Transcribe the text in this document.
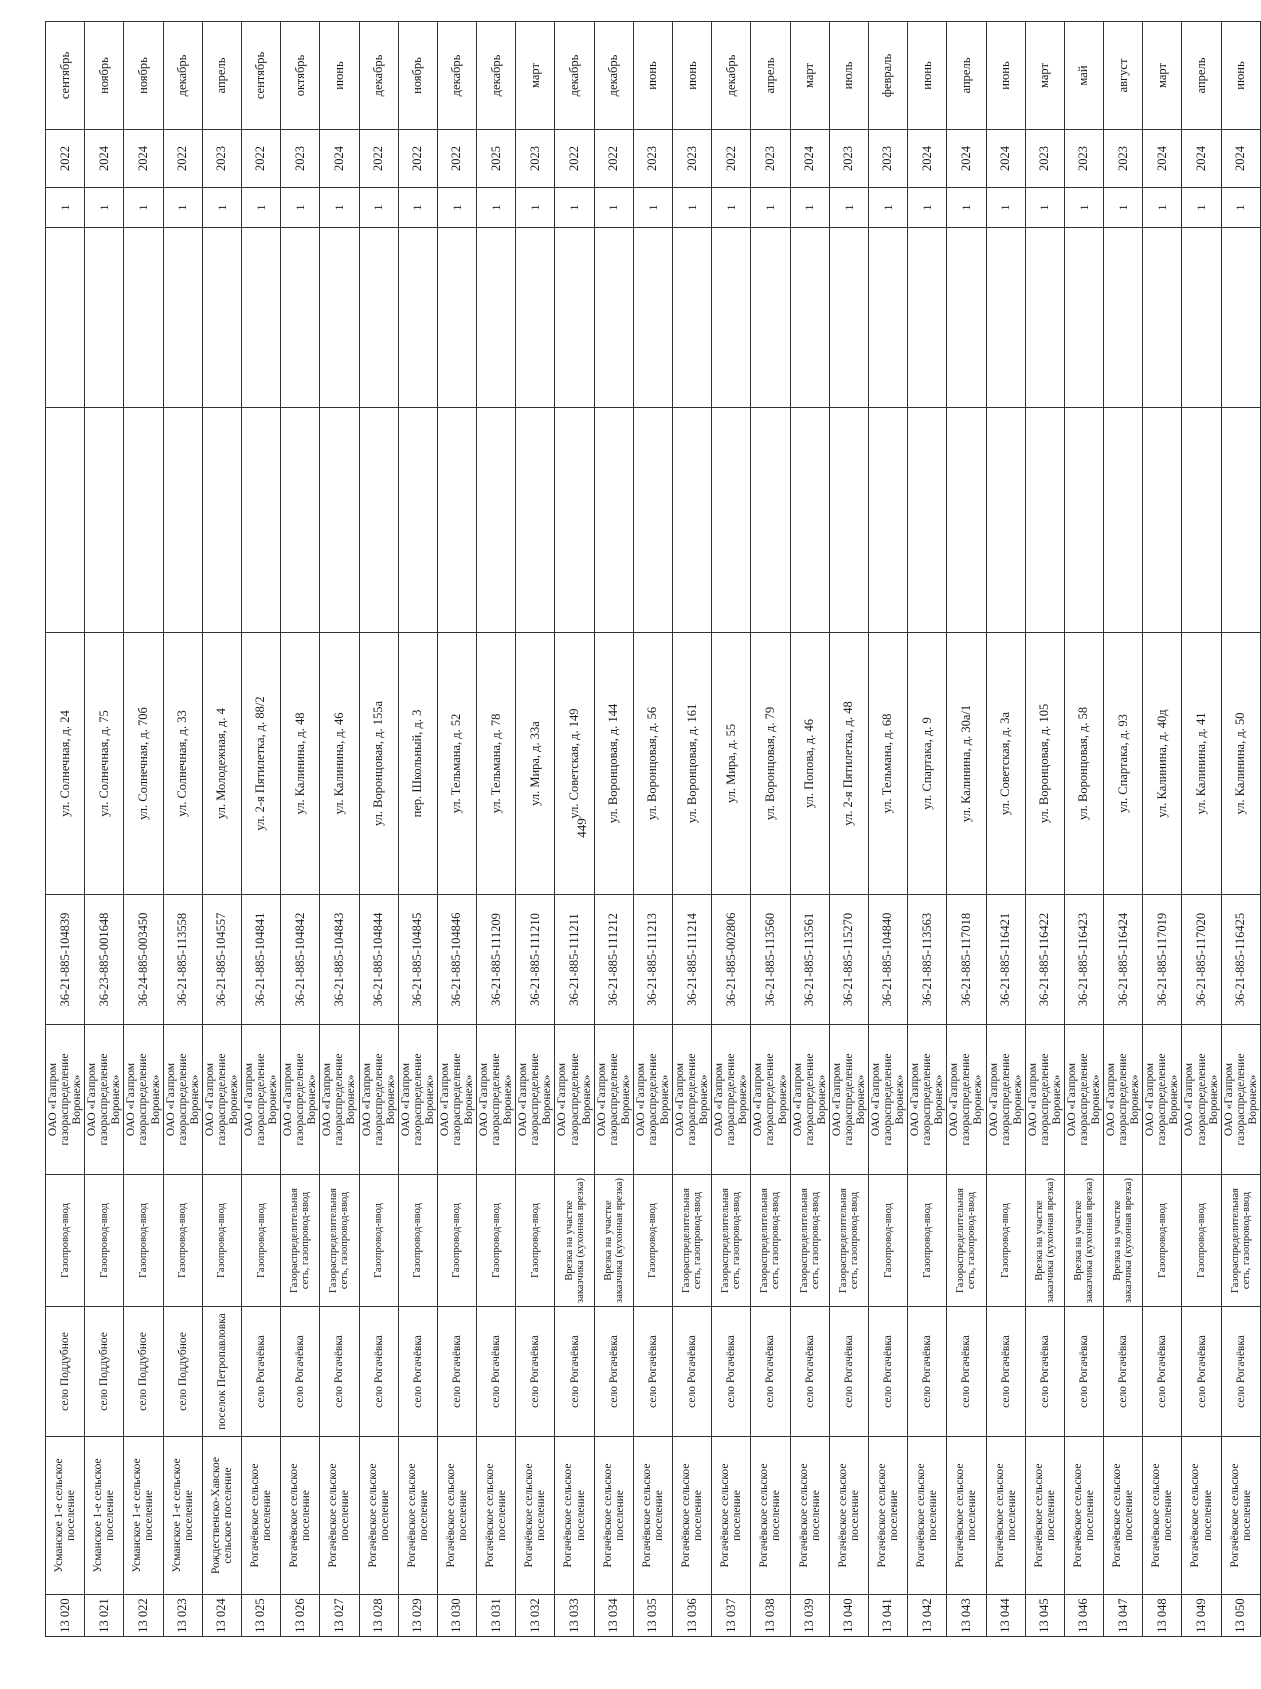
449
13 020	Усманское 1-е сельское поселение	село Поддубное	Газопровод-ввод	ОАО «Газпром газораспределение Воронеж»	36-21-885-104839	ул. Солнечная, д. 24			1	2022	сентябрь
13 021	Усманское 1-е сельское поселение	село Поддубное	Газопровод-ввод	ОАО «Газпром газораспределение Воронеж»	36-23-885-001648	ул. Солнечная, д. 75			1	2024	ноябрь
13 022	Усманское 1-е сельское поселение	село Поддубное	Газопровод-ввод	ОАО «Газпром газораспределение Воронеж»	36-24-885-003450	ул. Солнечная, д. 70б			1	2024	ноябрь
13 023	Усманское 1-е сельское поселение	село Поддубное	Газопровод-ввод	ОАО «Газпром газораспределение Воронеж»	36-21-885-113558	ул. Солнечная, д. 33			1	2022	декабрь
13 024	Рождественско-Хавское сельское поселение	поселок Петропавловка	Газопровод-ввод	ОАО «Газпром газораспределение Воронеж»	36-21-885-104557	ул. Молодежная, д. 4			1	2023	апрель
13 025	Рогачёвское сельское поселение	село Рогачёвка	Газопровод-ввод	ОАО «Газпром газораспределение Воронеж»	36-21-885-104841	ул. 2-я Пятилетка, д. 88/2			1	2022	сентябрь
13 026	Рогачёвское сельское поселение	село Рогачёвка	Газораспределительная сеть, газопровод-ввод	ОАО «Газпром газораспределение Воронеж»	36-21-885-104842	ул. Калинина, д. 48			1	2023	октябрь
13 027	Рогачёвское сельское поселение	село Рогачёвка	Газораспределительная сеть, газопровод-ввод	ОАО «Газпром газораспределение Воронеж»	36-21-885-104843	ул. Калинина, д. 46			1	2024	июнь
13 028	Рогачёвское сельское поселение	село Рогачёвка	Газопровод-ввод	ОАО «Газпром газораспределение Воронеж»	36-21-885-104844	ул. Воронцовая, д. 155а			1	2022	декабрь
13 029	Рогачёвское сельское поселение	село Рогачёвка	Газопровод-ввод	ОАО «Газпром газораспределение Воронеж»	36-21-885-104845	пер. Школьный, д. 3			1	2022	ноябрь
13 030	Рогачёвское сельское поселение	село Рогачёвка	Газопровод-ввод	ОАО «Газпром газораспределение Воронеж»	36-21-885-104846	ул. Тельмана, д. 52			1	2022	декабрь
13 031	Рогачёвское сельское поселение	село Рогачёвка	Газопровод-ввод	ОАО «Газпром газораспределение Воронеж»	36-21-885-111209	ул. Тельмана, д. 78			1	2025	декабрь
13 032	Рогачёвское сельское поселение	село Рогачёвка	Газопровод-ввод	ОАО «Газпром газораспределение Воронеж»	36-21-885-111210	ул. Мира, д. 33а			1	2023	март
13 033	Рогачёвское сельское поселение	село Рогачёвка	Врезка на участке заказчика (кухонная врезка)	ОАО «Газпром газораспределение Воронеж»	36-21-885-111211	ул. Советская, д. 149			1	2022	декабрь
13 034	Рогачёвское сельское поселение	село Рогачёвка	Врезка на участке заказчика (кухонная врезка)	ОАО «Газпром газораспределение Воронеж»	36-21-885-111212	ул. Воронцовая, д. 144			1	2022	декабрь
13 035	Рогачёвское сельское поселение	село Рогачёвка	Газопровод-ввод	ОАО «Газпром газораспределение Воронеж»	36-21-885-111213	ул. Воронцовая, д. 56			1	2023	июнь
13 036	Рогачёвское сельское поселение	село Рогачёвка	Газораспределительная сеть, газопровод-ввод	ОАО «Газпром газораспределение Воронеж»	36-21-885-111214	ул. Воронцовая, д. 161			1	2023	июнь
13 037	Рогачёвское сельское поселение	село Рогачёвка	Газораспределительная сеть, газопровод-ввод	ОАО «Газпром газораспределение Воронеж»	36-21-885-002806	ул. Мира, д. 55			1	2022	декабрь
13 038	Рогачёвское сельское поселение	село Рогачёвка	Газораспределительная сеть, газопровод-ввод	ОАО «Газпром газораспределение Воронеж»	36-21-885-113560	ул. Воронцовая, д. 79			1	2023	апрель
13 039	Рогачёвское сельское поселение	село Рогачёвка	Газораспределительная сеть, газопровод-ввод	ОАО «Газпром газораспределение Воронеж»	36-21-885-113561	ул. Попова, д. 46			1	2024	март
13 040	Рогачёвское сельское поселение	село Рогачёвка	Газораспределительная сеть, газопровод-ввод	ОАО «Газпром газораспределение Воронеж»	36-21-885-115270	ул. 2-я Пятилетка, д. 48			1	2023	июль
13 041	Рогачёвское сельское поселение	село Рогачёвка	Газопровод-ввод	ОАО «Газпром газораспределение Воронеж»	36-21-885-104840	ул. Тельмана, д. 68			1	2023	февраль
13 042	Рогачёвское сельское поселение	село Рогачёвка	Газопровод-ввод	ОАО «Газпром газораспределение Воронеж»	36-21-885-113563	ул. Спартака, д. 9			1	2024	июнь
13 043	Рогачёвское сельское поселение	село Рогачёвка	Газораспределительная сеть, газопровод-ввод	ОАО «Газпром газораспределение Воронеж»	36-21-885-117018	ул. Калинина, д. 30а/1			1	2024	апрель
13 044	Рогачёвское сельское поселение	село Рогачёвка	Газопровод-ввод	ОАО «Газпром газораспределение Воронеж»	36-21-885-116421	ул. Советская, д. 3а			1	2024	июнь
13 045	Рогачёвское сельское поселение	село Рогачёвка	Врезка на участке заказчика (кухонная врезка)	ОАО «Газпром газораспределение Воронеж»	36-21-885-116422	ул. Воронцовая, д. 105			1	2023	март
13 046	Рогачёвское сельское поселение	село Рогачёвка	Врезка на участке заказчика (кухонная врезка)	ОАО «Газпром газораспределение Воронеж»	36-21-885-116423	ул. Воронцовая, д. 58			1	2023	май
13 047	Рогачёвское сельское поселение	село Рогачёвка	Врезка на участке заказчика (кухонная врезка)	ОАО «Газпром газораспределение Воронеж»	36-21-885-116424	ул. Спартака, д. 93			1	2023	август
13 048	Рогачёвское сельское поселение	село Рогачёвка	Газопровод-ввод	ОАО «Газпром газораспределение Воронеж»	36-21-885-117019	ул. Калинина, д. 40д			1	2024	март
13 049	Рогачёвское сельское поселение	село Рогачёвка	Газопровод-ввод	ОАО «Газпром газораспределение Воронеж»	36-21-885-117020	ул. Калинина, д. 41			1	2024	апрель
13 050	Рогачёвское сельское поселение	село Рогачёвка	Газораспределительная сеть, газопровод-ввод	ОАО «Газпром газораспределение Воронеж»	36-21-885-116425	ул. Калинина, д. 50			1	2024	июнь
